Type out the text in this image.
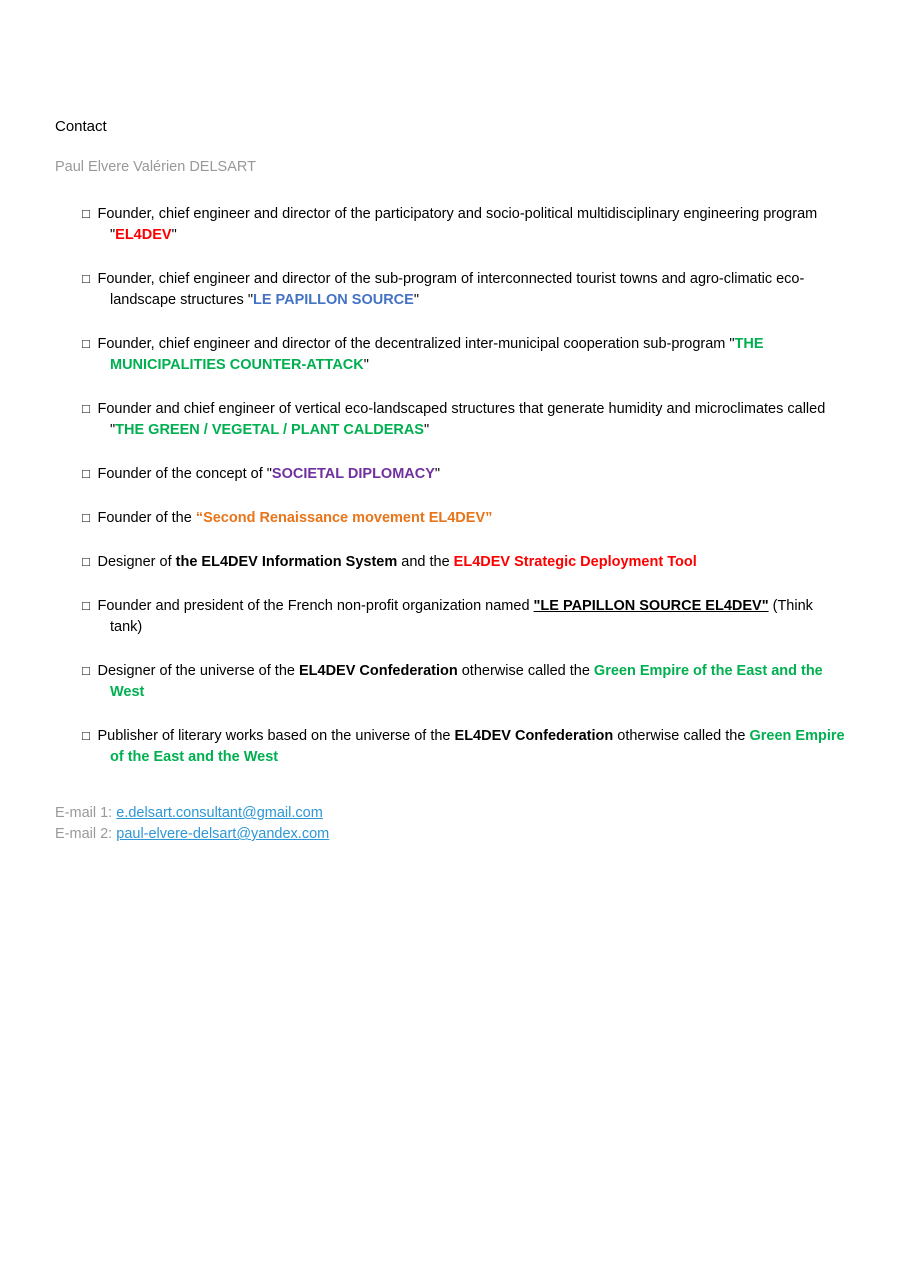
Contact
Paul Elvere Valérien DELSART
□ Founder, chief engineer and director of the participatory and socio-political multidisciplinary engineering program "EL4DEV"
□ Founder, chief engineer and director of the sub-program of interconnected tourist towns and agro-climatic eco-landscape structures "LE PAPILLON SOURCE"
□ Founder, chief engineer and director of the decentralized inter-municipal cooperation sub-program "THE MUNICIPALITIES COUNTER-ATTACK"
□ Founder and chief engineer of vertical eco-landscaped structures that generate humidity and microclimates called "THE GREEN / VEGETAL / PLANT CALDERAS"
□ Founder of the concept of "SOCIETAL DIPLOMACY"
□ Founder of the “Second Renaissance movement EL4DEV”
□ Designer of the EL4DEV Information System and the EL4DEV Strategic Deployment Tool
□ Founder and president of the French non-profit organization named "LE PAPILLON SOURCE EL4DEV" (Think tank)
□ Designer of the universe of the EL4DEV Confederation otherwise called the Green Empire of the East and the West
□ Publisher of literary works based on the universe of the EL4DEV Confederation otherwise called the Green Empire of the East and the West
E-mail 1: e.delsart.consultant@gmail.com
E-mail 2: paul-elvere-delsart@yandex.com
